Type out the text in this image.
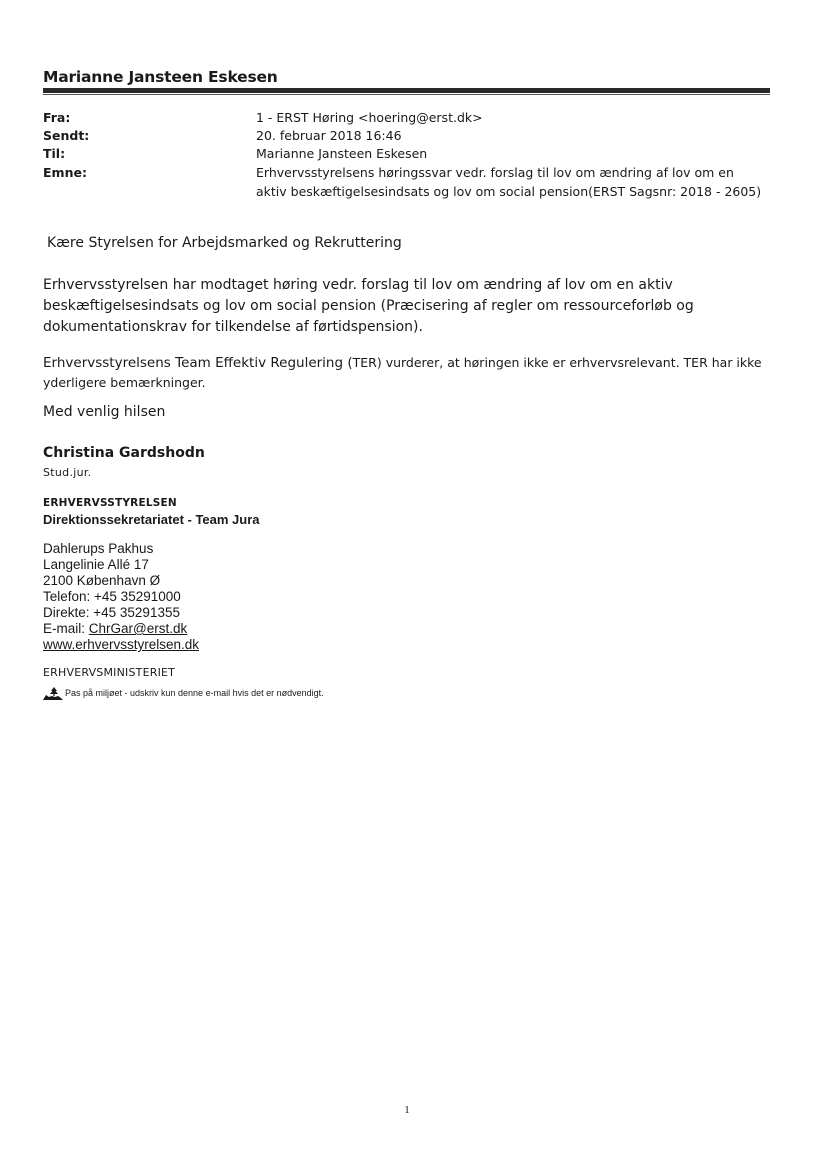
Marianne Jansteen Eskesen
Fra:	1 - ERST Høring <hoering@erst.dk>
Sendt:	20. februar 2018 16:46
Til:	Marianne Jansteen Eskesen
Emne:	Erhvervsstyrelsens høringssvar vedr. forslag til lov om ændring af lov om en aktiv beskæftigelsesindsats og lov om social pension(ERST Sagsnr: 2018 - 2605)
Kære Styrelsen for Arbejdsmarked og Rekruttering
Erhvervsstyrelsen har modtaget høring vedr. forslag til lov om ændring af lov om en aktiv beskæftigelsesindsats og lov om social pension (Præcisering af regler om ressourceforløb og dokumentationskrav for tilkendelse af førtidspension).
Erhvervsstyrelsens Team Effektiv Regulering (TER) vurderer, at høringen ikke er erhvervsrelevant. TER har ikke yderligere bemærkninger.
Med venlig hilsen
Christina Gardshodn
Stud.jur.
ERHVERVSSTYRELSEN
Direktionssekretariatet - Team Jura
Dahlerups Pakhus
Langelinie Allé 17
2100 København Ø
Telefon: +45 35291000
Direkte: +45 35291355
E-mail: ChrGar@erst.dk
www.erhvervsstyrelsen.dk
ERHVERVSMINISTERIET
Pas på miljøet - udskriv kun denne e-mail hvis det er nødvendigt.
1
